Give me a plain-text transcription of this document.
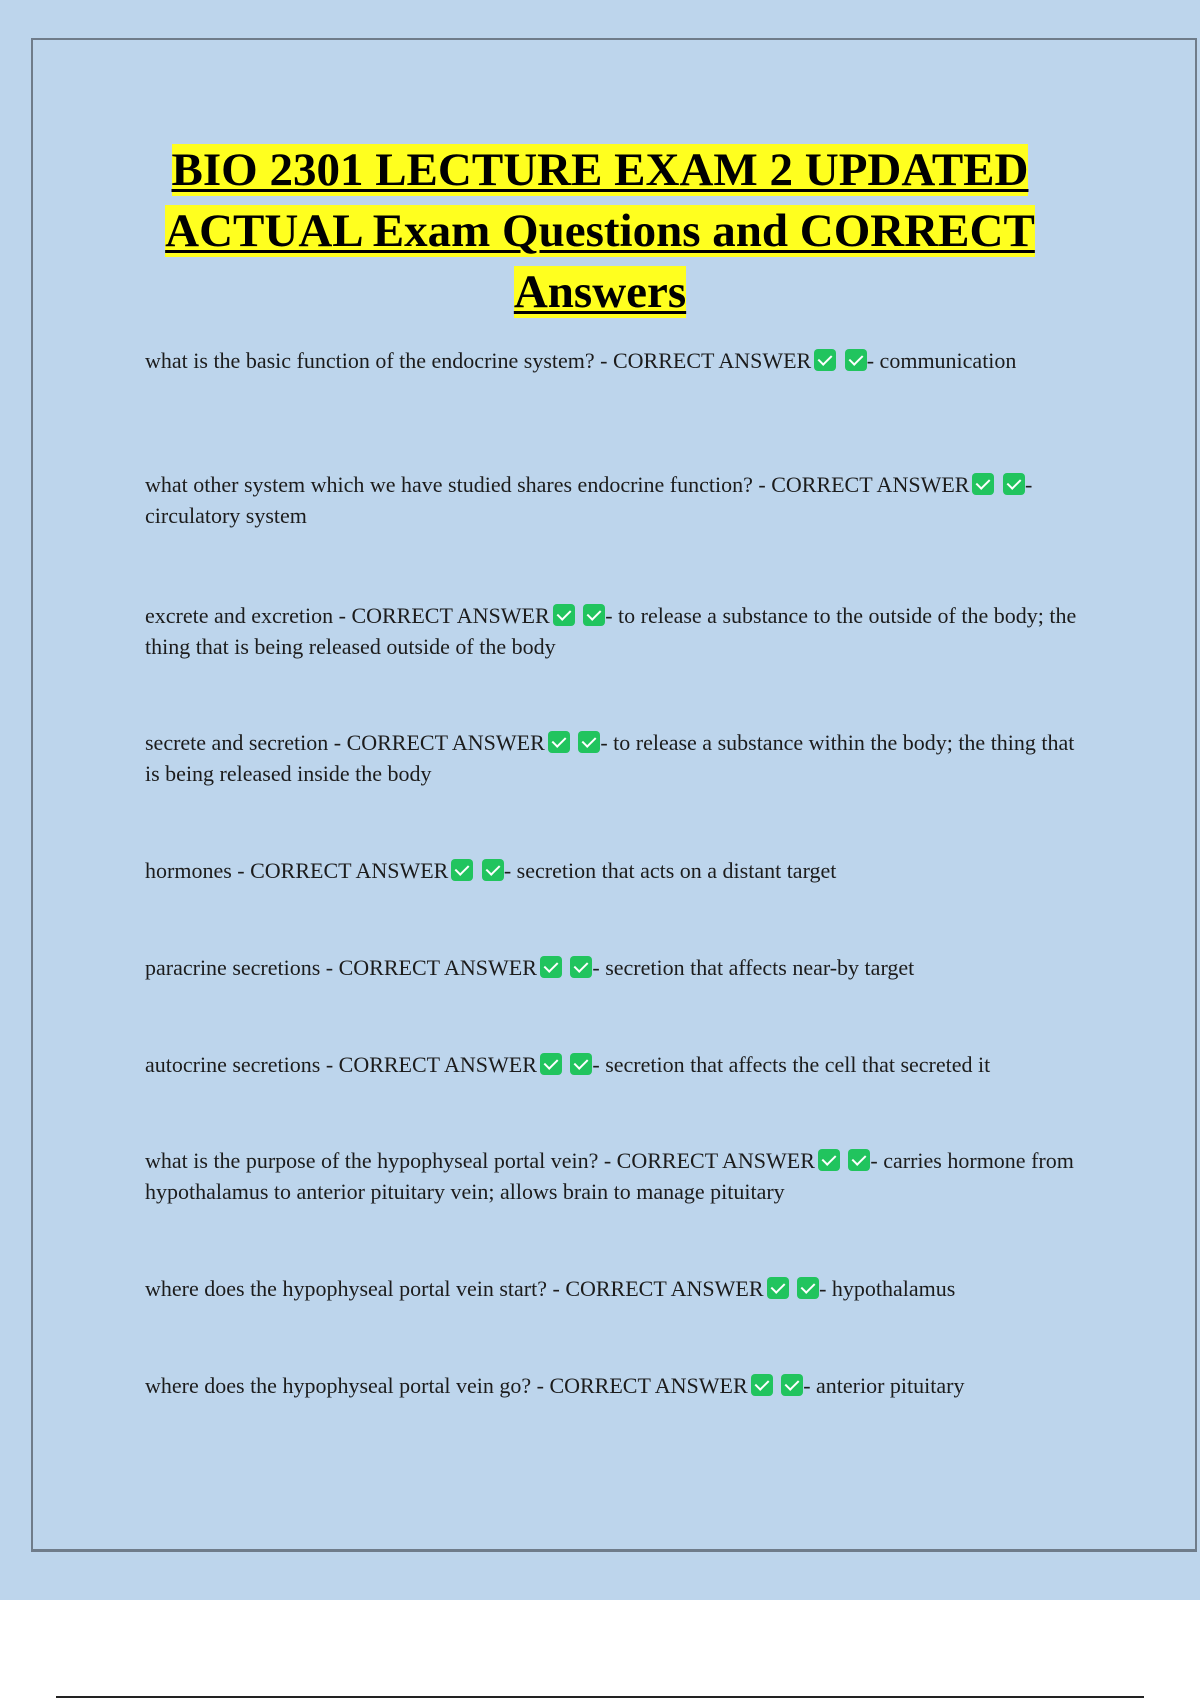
BIO 2301 LECTURE EXAM 2 UPDATED ACTUAL Exam Questions and CORRECT Answers

what is the basic function of the endocrine system? - CORRECT ANSWER	- communication

what other system which we have studied shares endocrine function? - CORRECT ANSWER	- circulatory system

excrete and excretion - CORRECT ANSWER	- to release a substance to the outside of the body; the thing that is being released outside of the body

secrete and secretion - CORRECT ANSWER	- to release a substance within the body; the thing that is being released inside the body

hormones - CORRECT ANSWER	- secretion that acts on a distant target

paracrine secretions - CORRECT ANSWER	- secretion that affects near-by target

autocrine secretions - CORRECT ANSWER	- secretion that affects the cell that secreted it

what is the purpose of the hypophyseal portal vein? - CORRECT ANSWER	- carries hormone from hypothalamus to anterior pituitary vein; allows brain to manage pituitary

where does the hypophyseal portal vein start? - CORRECT ANSWER	- hypothalamus

where does the hypophyseal portal vein go? - CORRECT ANSWER	- anterior pituitary
